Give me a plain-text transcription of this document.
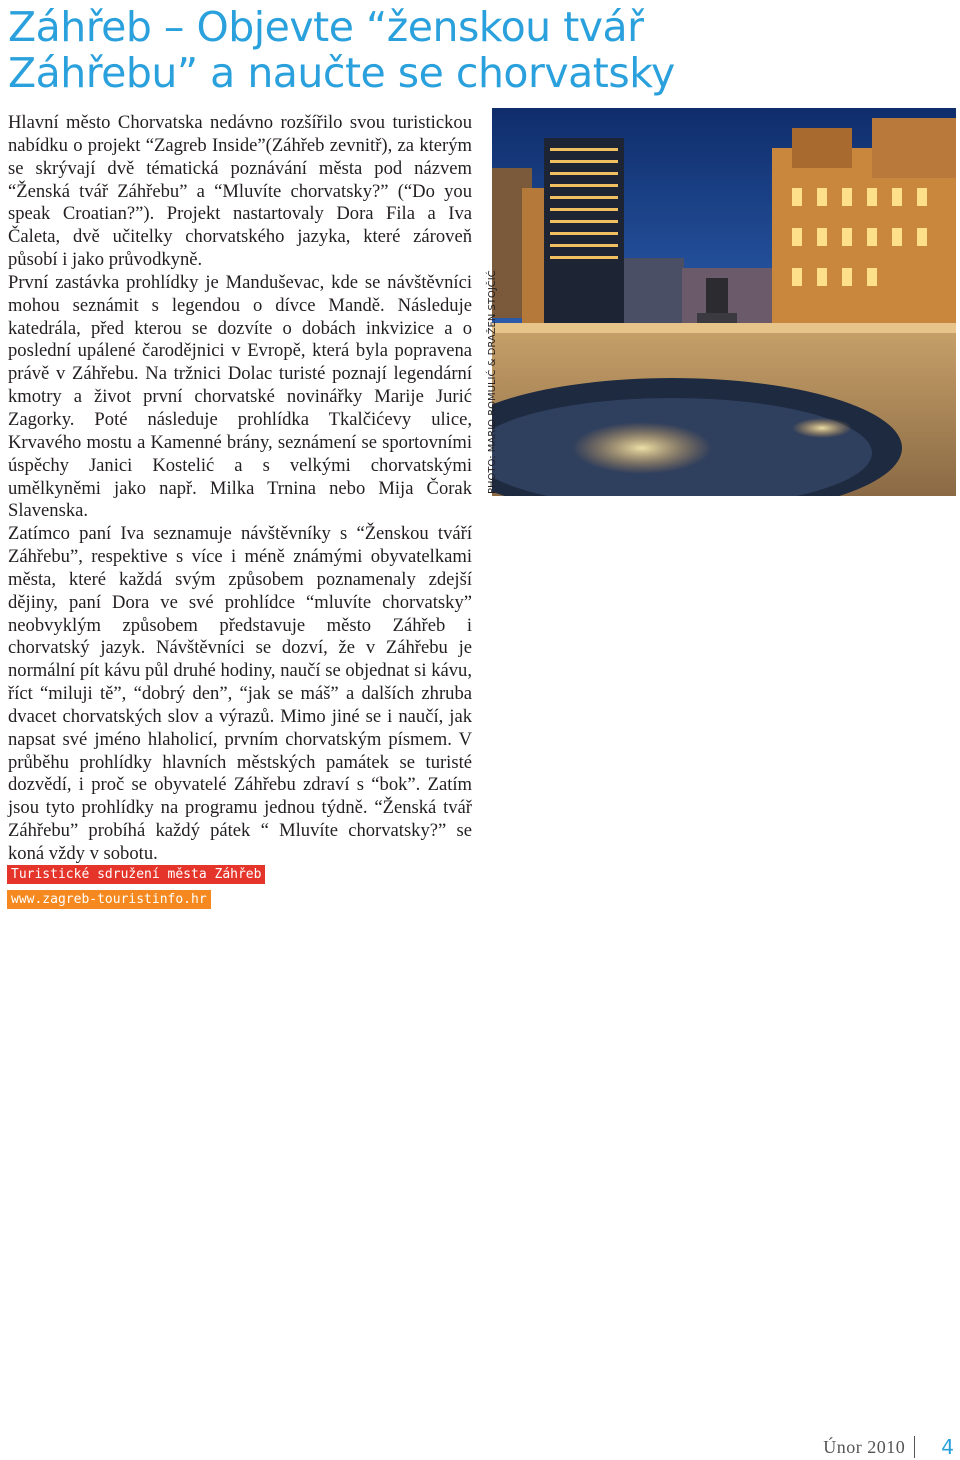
Záhřeb – Objevte “ženskou tvář
Záhřebu” a naučte se chorvatsky

Hlavní město Chorvatska nedávno rozšířilo svou turistickou nabídku o projekt “Zagreb Inside”(Záhřeb zevnitř), za kterým se skrývají dvě tématická poznávání města pod názvem “Ženská tvář Záhřebu” a “Mluvíte chorvatsky?” (“Do you speak Croatian?”). Projekt nastartovaly Dora Fila a Iva Čaleta, dvě učitelky chorvatského jazyka, které zároveň působí i jako průvodkyně.

První zastávka prohlídky je Manduševac, kde se návštěvníci mohou seznámit s legendou o dívce Mandě. Následuje katedrála, před kterou se dozvíte o dobách inkvizice a o poslední upálené čarodějnici v Evropě, která byla popravena právě v Záhřebu. Na tržnici Dolac turisté poznají legendární kmotry a život první chorvatské novinářky Marije Jurić Zagorky. Poté následuje prohlídka Tkalčićevy ulice, Krvavého mostu a Kamenné brány, seznámení se sportovními úspěchy Janici Kostelić a s velkými chorvatskými umělkyněmi jako např. Milka Trnina nebo Mija Čorak Slavenska.

Zatímco paní Iva seznamuje návštěvníky s “Ženskou tváří Záhřebu”, respektive s více i méně známými obyvatelkami města, které každá svým způsobem poznamenaly zdejší dějiny, paní Dora ve své prohlídce “mluvíte chorvatsky” neobvyklým způsobem představuje město Záhřeb i chorvatský jazyk. Návštěvníci se dozví, že v Záhřebu je normální pít kávu půl druhé hodiny, naučí se objednat si kávu, říct “miluji tě”, “dobrý den”, “jak se máš” a dalších zhruba dvacet chorvatských slov a výrazů. Mimo jiné se i naučí, jak napsat své jméno hlaholicí, prvním chorvatským písmem. V průběhu prohlídky hlavních městských památek se turisté dozvědí, i proč se obyvatelé Záhřebu zdraví s “bok”. Zatím jsou tyto prohlídky na programu jednou týdně. “Ženská tvář Záhřebu” probíhá každý pátek “ Mluvíte chorvatsky?” se koná vždy v sobotu.

PHOTO: MARIO ROMULIĆ & DRAŽEN STOJČIĆ
Turistické sdružení města Záhřeb
www.zagreb-touristinfo.hr
Únor 2010 4
